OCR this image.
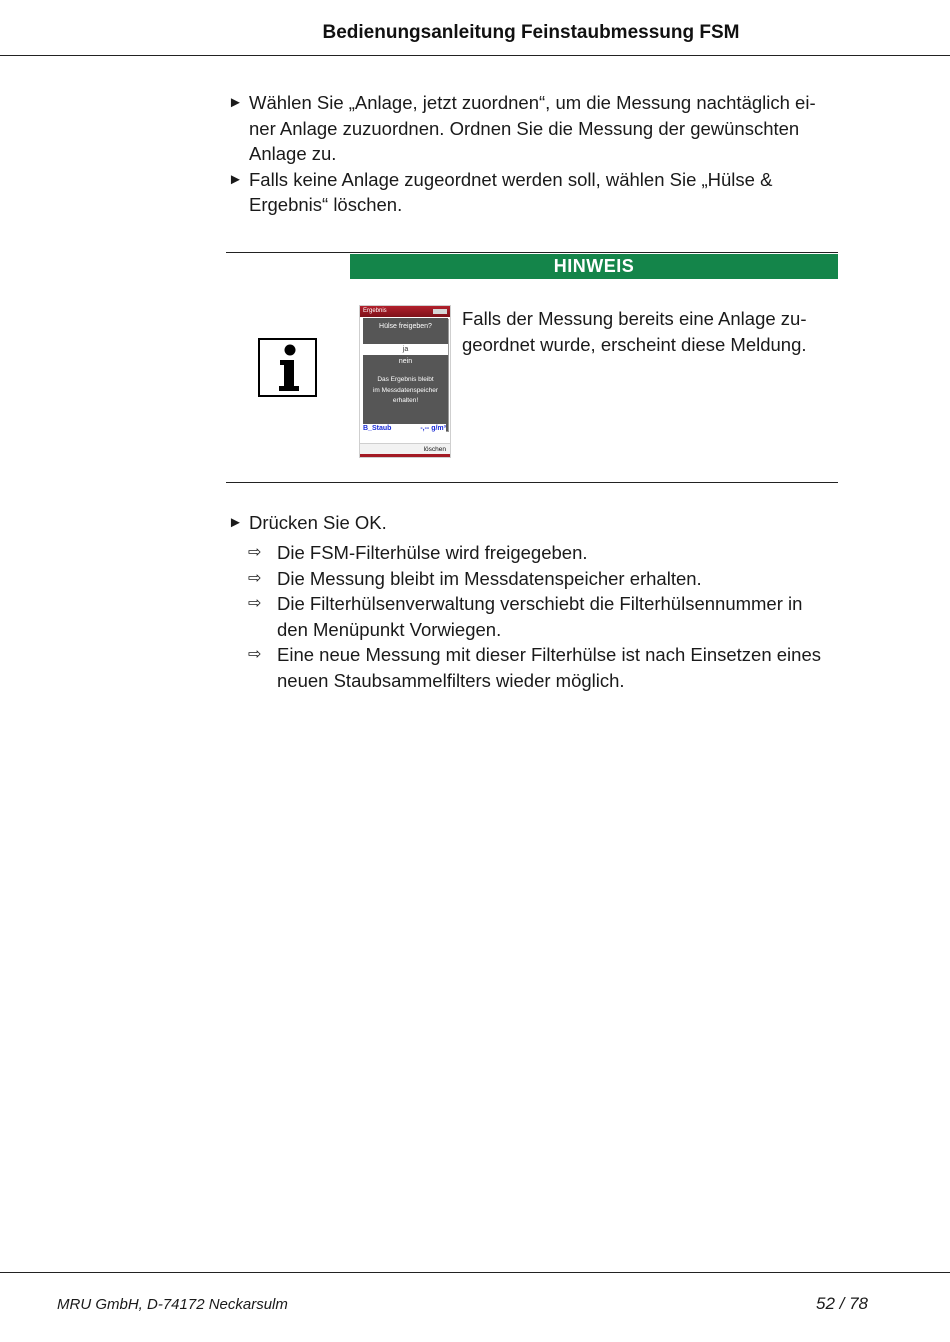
Bedienungsanleitung Feinstaubmessung FSM
► Wählen Sie „Anlage, jetzt zuordnen“, um die Messung nachtäglich ei-
ner Anlage zuzuordnen. Ordnen Sie die Messung der gewünschten
Anlage zu.
► Falls keine Anlage zugeordnet werden soll, wählen Sie „Hülse &
Ergebnis“ löschen.
HINWEIS
Ergebnis
Hülse freigeben?
ja
nein
Das Ergebnis bleibt
im Messdatenspeicher
erhalten!
B_Staub	-,-- g/m³
löschen
Falls der Messung bereits eine Anlage zu-
geordnet wurde, erscheint diese Meldung.
► Drücken Sie OK.
⇨ Die FSM-Filterhülse wird freigegeben.
⇨ Die Messung bleibt im Messdatenspeicher erhalten.
⇨ Die Filterhülsenverwaltung verschiebt die Filterhülsennummer in
den Menüpunkt Vorwiegen.
⇨ Eine neue Messung mit dieser Filterhülse ist nach Einsetzen eines
neuen Staubsammelfilters wieder möglich.
MRU GmbH, D-74172 Neckarsulm	52 / 78
